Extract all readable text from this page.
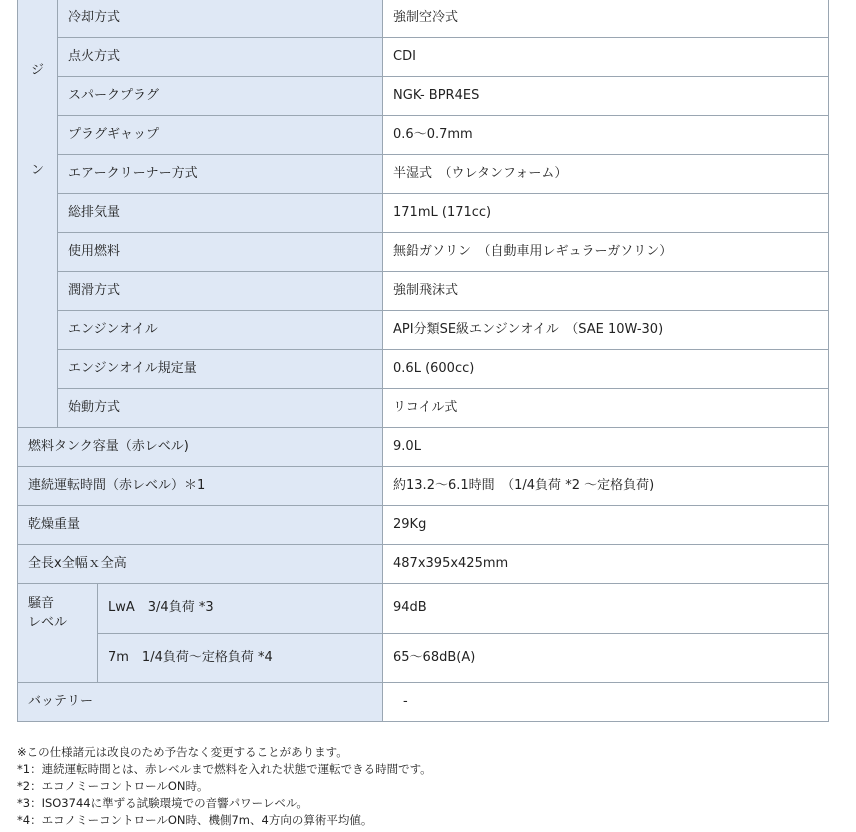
ジ
ン	冷却方式		強制空冷式
	点火方式		CDI
	スパークプラグ		NGK- BPR4ES
	プラグギャップ		0.6～0.7mm
	エアークリーナー方式		半湿式　（ウレタンフォーム）
	総排気量		171mL (171cc)
	使用燃料		無鉛ガソリン　（自動車用レギュラーガソリン）
	潤滑方式		強制飛沫式
	エンジンオイル		API分類SE級エンジンオイル　（SAE 10W-30)
	エンジンオイル規定量		0.6L (600cc)
	始動方式		リコイル式
燃料タンク容量（赤レベル)			9.0L
連続運転時間（赤レベル）＊1			約13.2～6.1時間　（1/4負荷 *2 ～定格負荷)
乾燥重量			29Kg
全長x全幅ｘ全高			487x395x425mm

騒音
レベル		LwA　3/4負荷 *3	94dB
		7m　1/4負荷～定格負荷 *4	65～68dB(A)
バッテリー			-
※この仕様諸元は改良のため予告なく変更することがあります。
*1：連続運転時間とは、赤レベルまで燃料を入れた状態で運転できる時間です。
*2：エコノミーコントロールON時。
*3：ISO3744に準ずる試験環境での音響パワーレベル。
*4：エコノミーコントロールON時、機側7m、4方向の算術平均値。
